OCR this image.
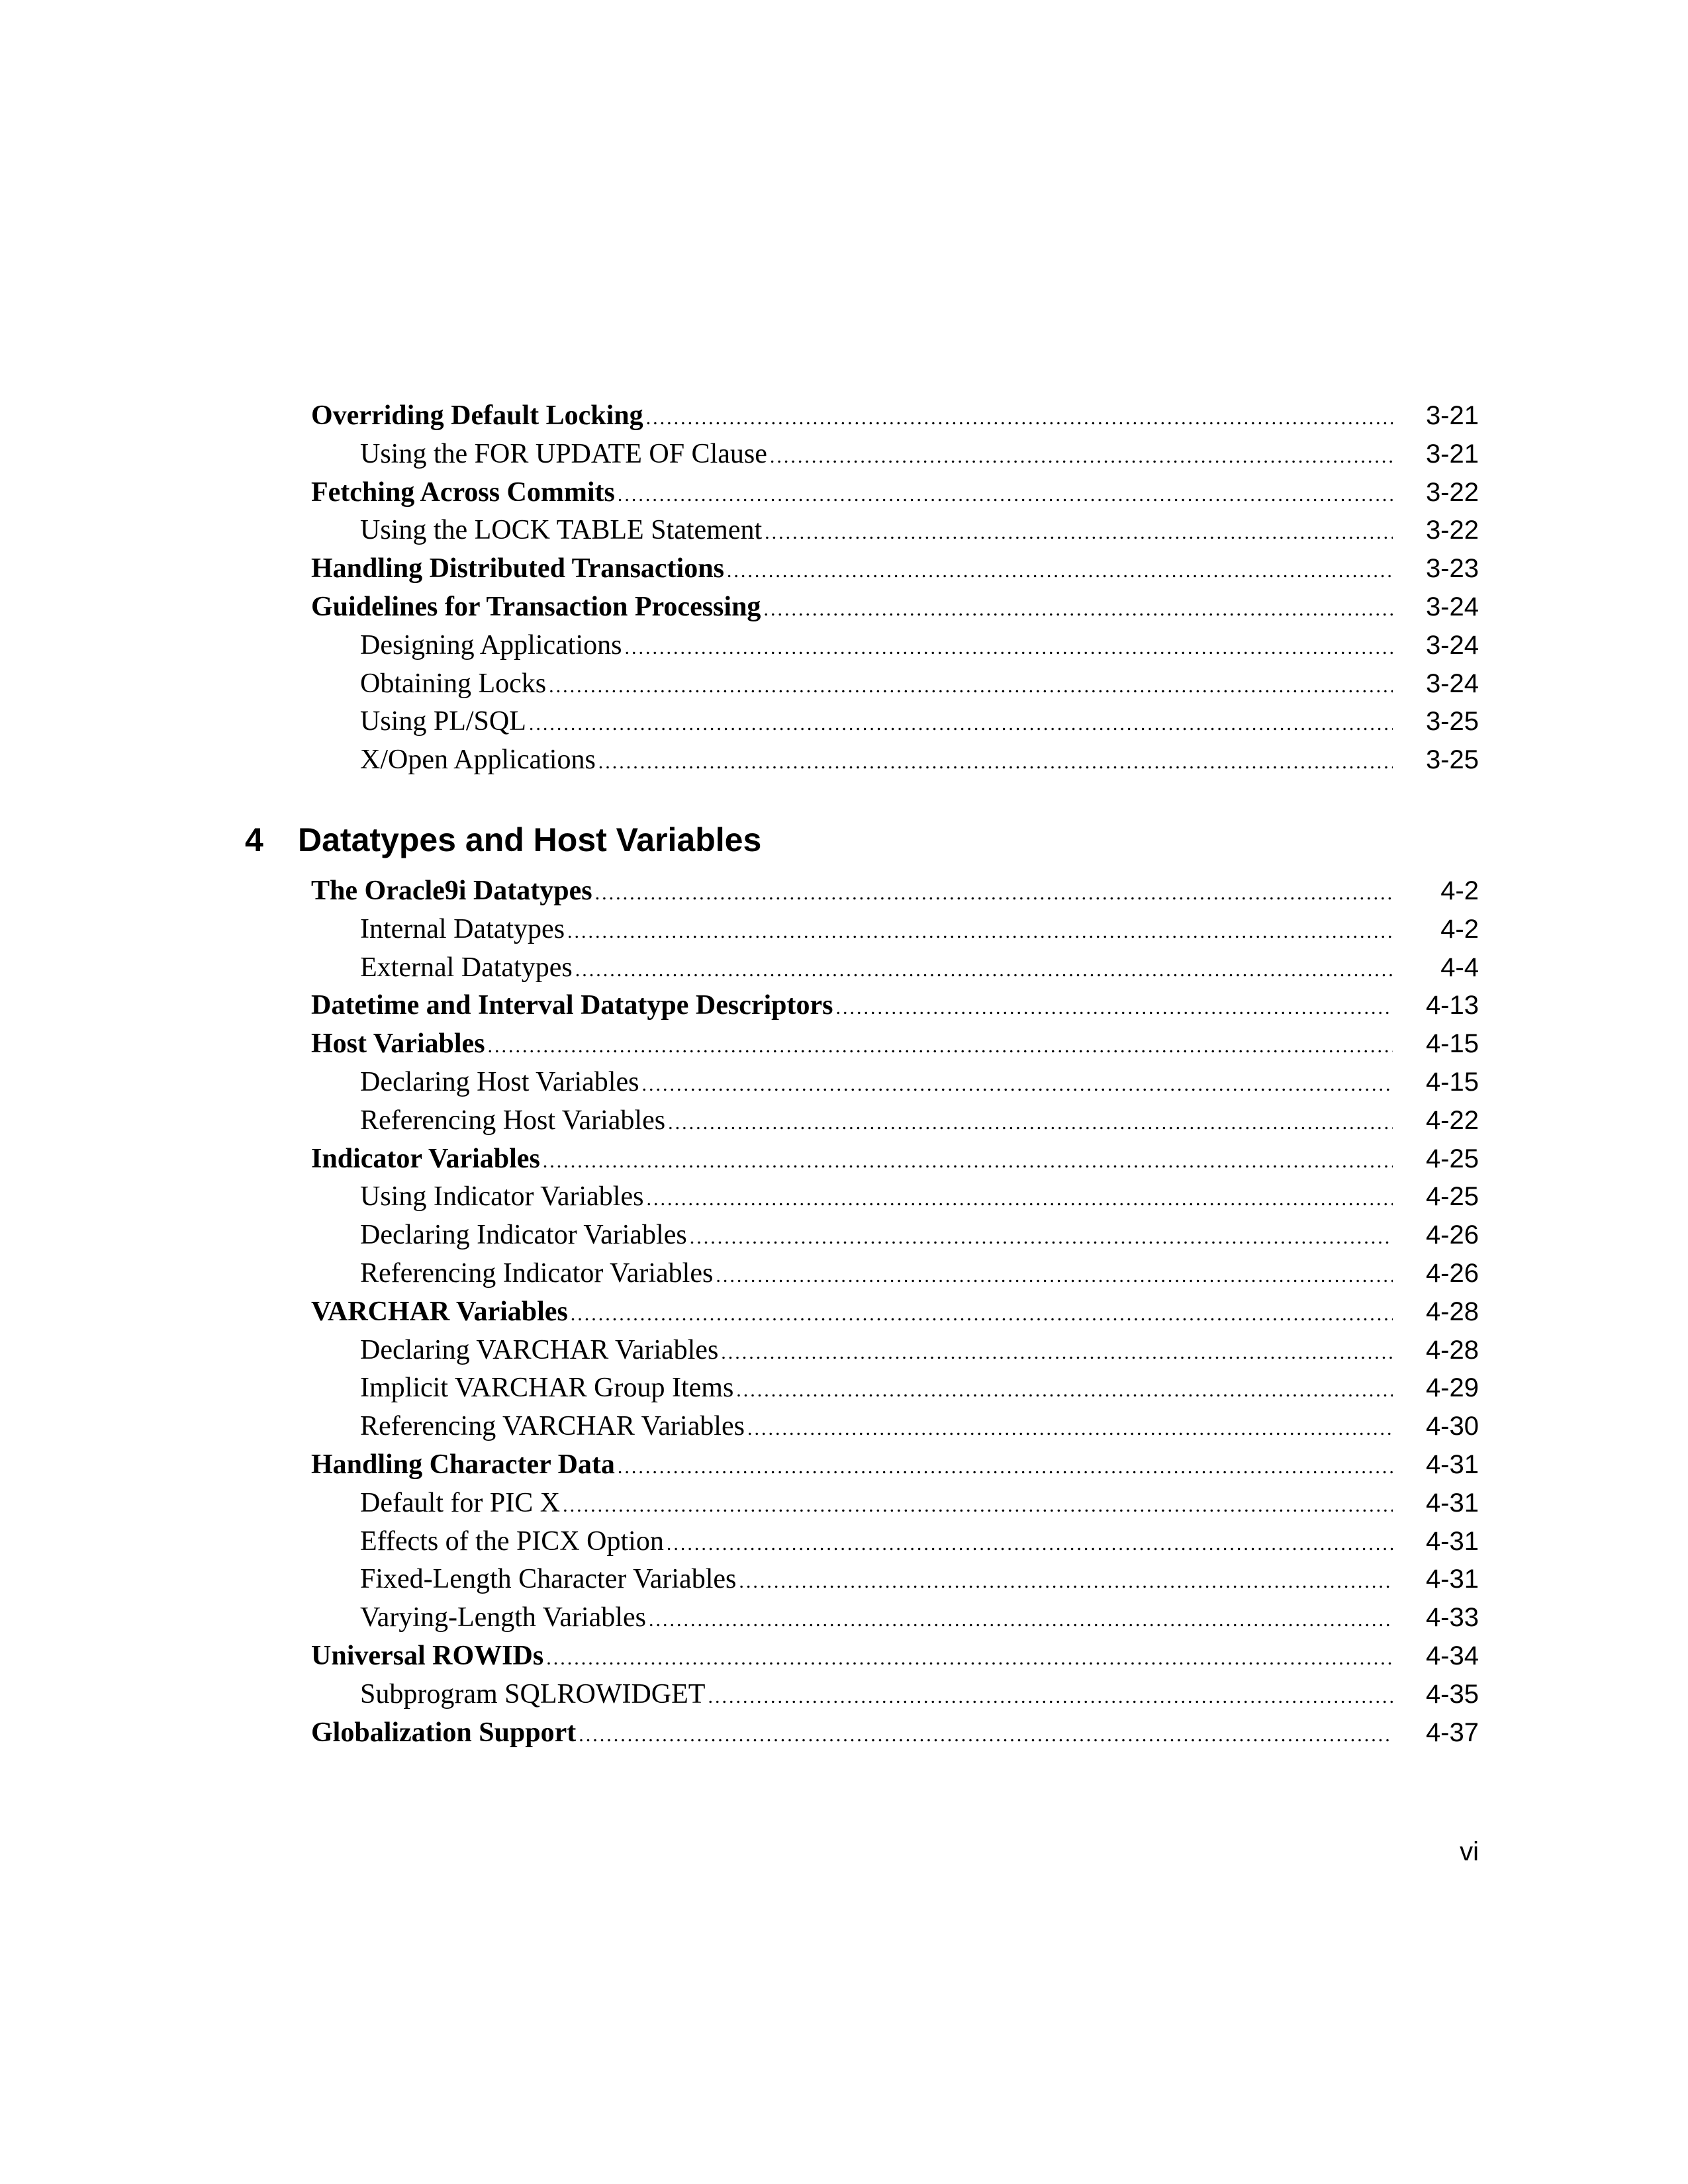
Overriding Default Locking .....	3-21
Using the FOR UPDATE OF Clause .....	3-21
Fetching Across Commits .....	3-22
Using the LOCK TABLE Statement .....	3-22
Handling Distributed Transactions .....	3-23
Guidelines for Transaction Processing .....	3-24
Designing Applications .....	3-24
Obtaining Locks .....	3-24
Using PL/SQL .....	3-25
X/Open Applications .....	3-25
4	Datatypes and Host Variables
The Oracle9i Datatypes .....	4-2
Internal Datatypes .....	4-2
External Datatypes .....	4-4
Datetime and Interval Datatype Descriptors .....	4-13
Host Variables .....	4-15
Declaring Host Variables .....	4-15
Referencing Host Variables .....	4-22
Indicator Variables .....	4-25
Using Indicator Variables .....	4-25
Declaring Indicator Variables .....	4-26
Referencing Indicator Variables .....	4-26
VARCHAR Variables .....	4-28
Declaring VARCHAR Variables .....	4-28
Implicit VARCHAR Group Items .....	4-29
Referencing VARCHAR Variables .....	4-30
Handling Character Data .....	4-31
Default for PIC X .....	4-31
Effects of the PICX Option .....	4-31
Fixed-Length Character Variables .....	4-31
Varying-Length Variables .....	4-33
Universal ROWIDs .....	4-34
Subprogram SQLROWIDGET .....	4-35
Globalization Support .....	4-37
vi
